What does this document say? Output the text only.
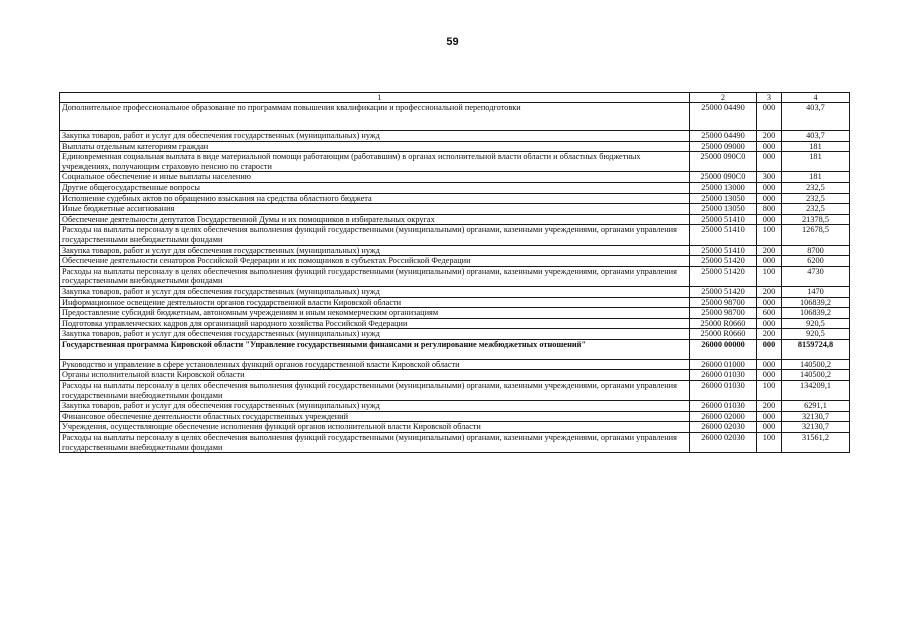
59
1	2	3	4
Дополнительное профессиональное образование по программам повышения квалификации и профессиональной переподготовки	25000 04490	000	403,7
Закупка товаров, работ и услуг для обеспечения государственных (муниципальных) нужд	25000 04490	200	403,7
Выплаты отдельным категориям граждан	25000 09000	000	181
Единовременная социальная выплата в виде материальной помощи работающим (работавшим) в органах исполнительной власти области и областных бюджетных учреждениях, получающим страховую пенсию по старости	25000 090С0	000	181
Социальное обеспечение и иные выплаты населению	25000 090С0	300	181
Другие общегосударственные вопросы	25000 13000	000	232,5
Исполнение судебных актов по обращению взыскания на средства областного бюджета	25000 13050	000	232,5
Иные бюджетные ассигнования	25000 13050	800	232,5
Обеспечение деятельности депутатов Государственной Думы и их помощников в избирательных округах	25000 51410	000	21378,5
Расходы на выплаты персоналу в целях обеспечения выполнения функций государственными (муниципальными) органами, казенными учреждениями, органами управления государственными внебюджетными фондами	25000 51410	100	12678,5
Закупка товаров, работ и услуг для обеспечения государственных (муниципальных) нужд	25000 51410	200	8700
Обеспечение деятельности сенаторов Российской Федерации и их помощников в субъектах Российской Федерации	25000 51420	000	6200
Расходы на выплаты персоналу в целях обеспечения выполнения функций государственными (муниципальными) органами, казенными учреждениями, органами управления государственными внебюджетными фондами	25000 51420	100	4730
Закупка товаров, работ и услуг для обеспечения государственных (муниципальных) нужд	25000 51420	200	1470
Информационное освещение деятельности органов государственной власти Кировской области	25000 98700	000	106839,2
Предоставление субсидий бюджетным, автономным учреждениям и иным некоммерческим организациям	25000 98700	600	106839,2
Подготовка управленческих кадров для организаций народного хозяйства Российской Федерации	25000 R0660	000	920,5
Закупка товаров, работ и услуг для обеспечения государственных (муниципальных) нужд	25000 R0660	200	920,5
Государственная программа Кировской области "Управление государственными финансами и регулирование межбюджетных отношений"	26000 00000	000	8159724,8
Руководство и управление в сфере установленных функций органов государственной власти Кировской области	26000 01000	000	140500,2
Органы исполнительной власти Кировской области	26000 01030	000	140500,2
Расходы на выплаты персоналу в целях обеспечения выполнения функций государственными (муниципальными) органами, казенными учреждениями, органами управления государственными внебюджетными фондами	26000 01030	100	134209,1
Закупка товаров, работ и услуг для обеспечения государственных (муниципальных) нужд	26000 01030	200	6291,1
Финансовое обеспечение деятельности областных государственных учреждений	26000 02000	000	32130,7
Учреждения, осуществляющие обеспечение исполнения функций органов исполнительной власти Кировской области	26000 02030	000	32130,7
Расходы на выплаты персоналу в целях обеспечения выполнения функций государственными (муниципальными) органами, казенными учреждениями, органами управления государственными внебюджетными фондами	26000 02030	100	31561,2
